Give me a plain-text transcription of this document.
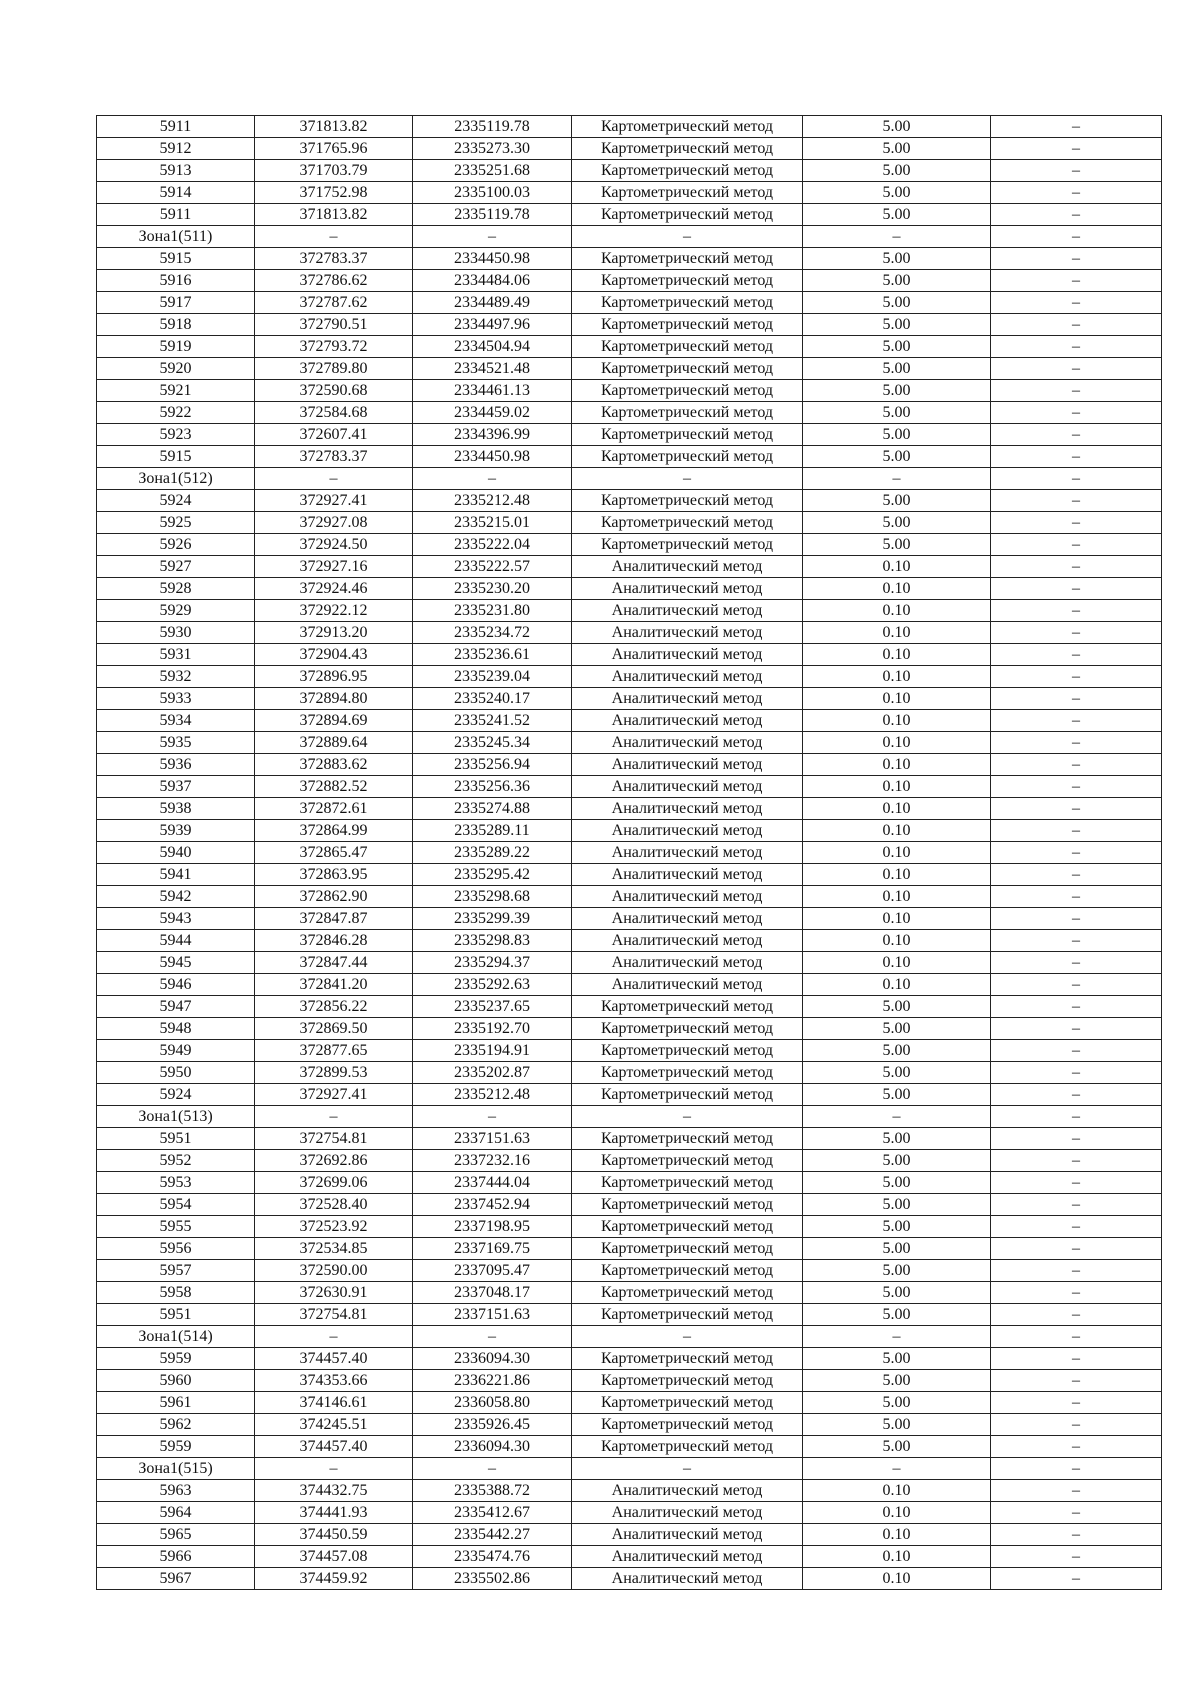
5911	371813.82	2335119.78	Картометрический метод	5.00	–
5912	371765.96	2335273.30	Картометрический метод	5.00	–
5913	371703.79	2335251.68	Картометрический метод	5.00	–
5914	371752.98	2335100.03	Картометрический метод	5.00	–
5911	371813.82	2335119.78	Картометрический метод	5.00	–
Зона1(511)	–	–	–	–	–
5915	372783.37	2334450.98	Картометрический метод	5.00	–
5916	372786.62	2334484.06	Картометрический метод	5.00	–
5917	372787.62	2334489.49	Картометрический метод	5.00	–
5918	372790.51	2334497.96	Картометрический метод	5.00	–
5919	372793.72	2334504.94	Картометрический метод	5.00	–
5920	372789.80	2334521.48	Картометрический метод	5.00	–
5921	372590.68	2334461.13	Картометрический метод	5.00	–
5922	372584.68	2334459.02	Картометрический метод	5.00	–
5923	372607.41	2334396.99	Картометрический метод	5.00	–
5915	372783.37	2334450.98	Картометрический метод	5.00	–
Зона1(512)	–	–	–	–	–
5924	372927.41	2335212.48	Картометрический метод	5.00	–
5925	372927.08	2335215.01	Картометрический метод	5.00	–
5926	372924.50	2335222.04	Картометрический метод	5.00	–
5927	372927.16	2335222.57	Аналитический метод	0.10	–
5928	372924.46	2335230.20	Аналитический метод	0.10	–
5929	372922.12	2335231.80	Аналитический метод	0.10	–
5930	372913.20	2335234.72	Аналитический метод	0.10	–
5931	372904.43	2335236.61	Аналитический метод	0.10	–
5932	372896.95	2335239.04	Аналитический метод	0.10	–
5933	372894.80	2335240.17	Аналитический метод	0.10	–
5934	372894.69	2335241.52	Аналитический метод	0.10	–
5935	372889.64	2335245.34	Аналитический метод	0.10	–
5936	372883.62	2335256.94	Аналитический метод	0.10	–
5937	372882.52	2335256.36	Аналитический метод	0.10	–
5938	372872.61	2335274.88	Аналитический метод	0.10	–
5939	372864.99	2335289.11	Аналитический метод	0.10	–
5940	372865.47	2335289.22	Аналитический метод	0.10	–
5941	372863.95	2335295.42	Аналитический метод	0.10	–
5942	372862.90	2335298.68	Аналитический метод	0.10	–
5943	372847.87	2335299.39	Аналитический метод	0.10	–
5944	372846.28	2335298.83	Аналитический метод	0.10	–
5945	372847.44	2335294.37	Аналитический метод	0.10	–
5946	372841.20	2335292.63	Аналитический метод	0.10	–
5947	372856.22	2335237.65	Картометрический метод	5.00	–
5948	372869.50	2335192.70	Картометрический метод	5.00	–
5949	372877.65	2335194.91	Картометрический метод	5.00	–
5950	372899.53	2335202.87	Картометрический метод	5.00	–
5924	372927.41	2335212.48	Картометрический метод	5.00	–
Зона1(513)	–	–	–	–	–
5951	372754.81	2337151.63	Картометрический метод	5.00	–
5952	372692.86	2337232.16	Картометрический метод	5.00	–
5953	372699.06	2337444.04	Картометрический метод	5.00	–
5954	372528.40	2337452.94	Картометрический метод	5.00	–
5955	372523.92	2337198.95	Картометрический метод	5.00	–
5956	372534.85	2337169.75	Картометрический метод	5.00	–
5957	372590.00	2337095.47	Картометрический метод	5.00	–
5958	372630.91	2337048.17	Картометрический метод	5.00	–
5951	372754.81	2337151.63	Картометрический метод	5.00	–
Зона1(514)	–	–	–	–	–
5959	374457.40	2336094.30	Картометрический метод	5.00	–
5960	374353.66	2336221.86	Картометрический метод	5.00	–
5961	374146.61	2336058.80	Картометрический метод	5.00	–
5962	374245.51	2335926.45	Картометрический метод	5.00	–
5959	374457.40	2336094.30	Картометрический метод	5.00	–
Зона1(515)	–	–	–	–	–
5963	374432.75	2335388.72	Аналитический метод	0.10	–
5964	374441.93	2335412.67	Аналитический метод	0.10	–
5965	374450.59	2335442.27	Аналитический метод	0.10	–
5966	374457.08	2335474.76	Аналитический метод	0.10	–
5967	374459.92	2335502.86	Аналитический метод	0.10	–
